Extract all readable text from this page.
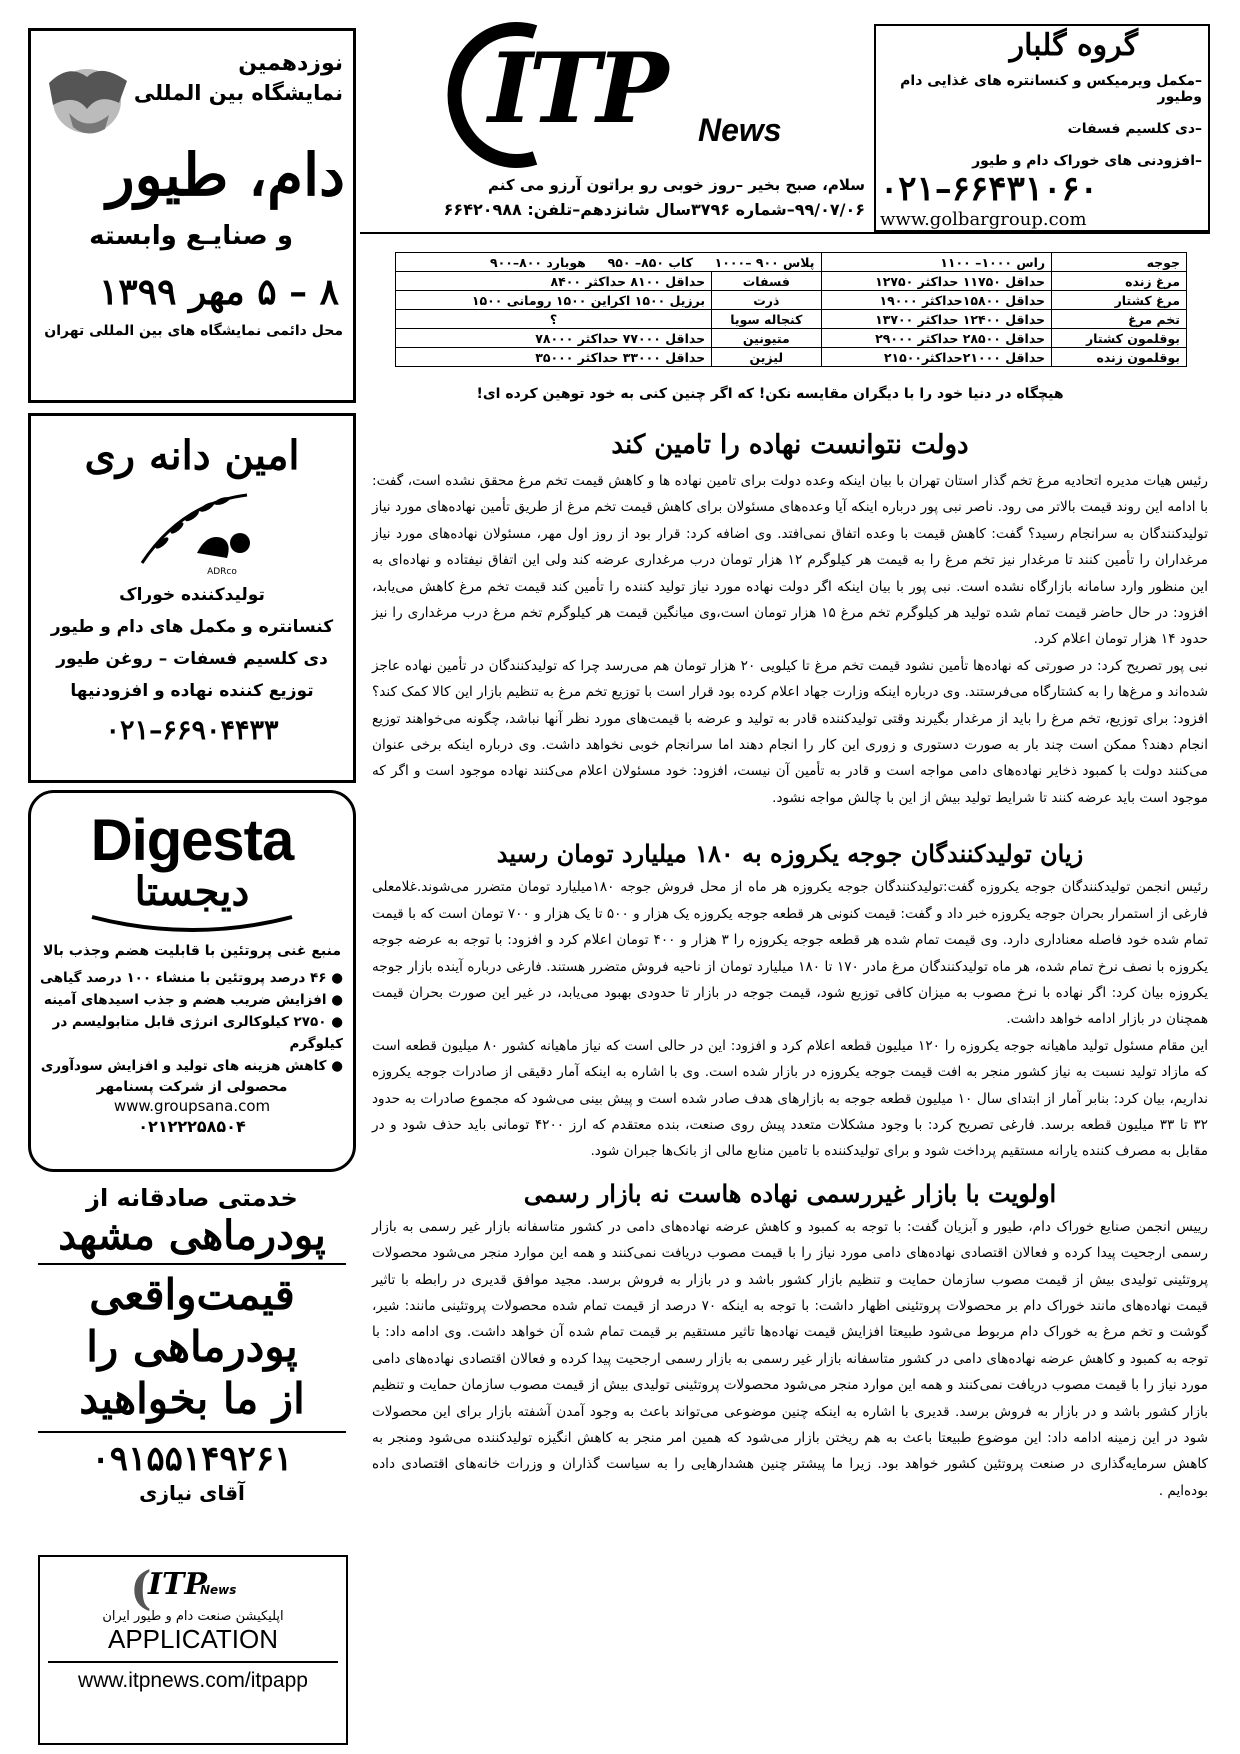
نوزدهمین
نمایشگاه بین المللی
دام، طیور
و صنایـع وابسته
۸ – ۵ مهر ۱۳۹۹
محل دائمی نمایشگاه های بین المللی تهران
امین دانه ری
ADRco
تولیدکننده خوراک
کنسانتره و مکمل های دام و طیور
دی کلسیم فسفات – روغن طیور
توزیع کننده نهاده و افزودنیها
۰۲۱–۶۶۹۰۴۴۳۳
Digesta
دیجستا
منبع غنی پروتئین با قابلیت هضم وجذب بالا
● ۴۶ درصد پروتئین با منشاء ۱۰۰ درصد گیاهی
● افزایش ضریب هضم و جذب اسیدهای آمینه
● ۲۷۵۰ کیلوکالری انرژی قابل متابولیسم در کیلوگرم
● کاهش هزینه های تولید و افزایش سودآوری
محصولی از شرکت پسنامهر
www.groupsana.com
۰۲۱۲۲۲۵۸۵۰۴
خدمتی صادقانه از
پودرماهی مشهد
قیمت‌واقعی
پودرماهی را
از ما بخواهید
۰۹۱۵۵۱۴۹۲۶۱
آقای نیازی
(
ITP
News
اپلیکیشن صنعت دام و طیور ایران
APPLICATION
www.itpnews.com/itpapp
گروه گلبار
–مکمل ویرمیکس و کنسانتره های غذایی دام وطیور
–دی کلسیم فسفات
–افزودنی های خوراک دام و طیور
۰۲۱–۶۶۴۳۱۰۶۰
www.golbargroup.com
ITP News
سلام، صبح بخیر –روز خوبی رو براتون آرزو می کنم
۹۹/۰۷/۰۶–شماره ۳۷۹۶سال شانزدهم–تلفن: ۶۶۴۲۰۹۸۸
جوجه	راس ۱۰۰۰– ۱۱۰۰	پلاس ۹۰۰ –۱۰۰۰     کاب ۸۵۰– ۹۵۰     هوبارد ۸۰۰–۹۰۰	
مرغ زنده	حداقل ۱۱۷۵۰ حداکثر ۱۲۷۵۰	فسفات	حداقل ۸۱۰۰ حداکثر ۸۴۰۰
مرغ کشتار	حداقل ۱۵۸۰۰حداکثر ۱۹۰۰۰	ذرت	برزیل ۱۵۰۰ اکراین ۱۵۰۰ رومانی ۱۵۰۰
تخم مرغ	حداقل ۱۲۴۰۰ حداکثر ۱۳۷۰۰	کنجاله سویا	؟
بوقلمون کشتار	حداقل ۲۸۵۰۰ حداکثر ۲۹۰۰۰	متیونین	حداقل ۷۷۰۰۰ حداکثر ۷۸۰۰۰
بوقلمون زنده	حداقل ۲۱۰۰۰حداکثر۲۱۵۰۰	لیزین	حداقل ۳۳۰۰۰ حداکثر ۳۵۰۰۰
هیچگاه در دنیا خود را با دیگران مقایسه نکن! که اگر چنین کنی به خود توهین کرده ای!
دولت نتوانست نهاده را تامین کند

رئیس هیات مدیره اتحادیه مرغ تخم گذار استان تهران با بیان اینکه وعده دولت برای تامین نهاده ها و کاهش قیمت تخم مرغ محقق نشده است، گفت: با ادامه این روند قیمت بالاتر می رود. ناصر نبی پور درباره اینکه آیا وعده‌های مسئولان برای کاهش قیمت تخم مرغ از طریق تأمین نهاده‌های مورد نیاز تولیدکنندگان به سرانجام رسید؟ گفت: کاهش قیمت با وعده اتفاق نمی‌افتد. وی اضافه کرد: قرار بود از روز اول مهر، مسئولان نهاده‌های مورد نیاز مرغداران را تأمین کنند تا مرغدار نیز تخم مرغ را به قیمت هر کیلوگرم ۱۲ هزار تومان درب مرغداری عرضه کند ولی این اتفاق نیفتاده و نهاده‌ای به این منظور وارد سامانه بازارگاه نشده است. نبی پور با بیان اینکه اگر دولت نهاده مورد نیاز تولید کننده را تأمین کند قیمت تخم مرغ کاهش می‌یابد، افزود: در حال حاضر قیمت تمام شده تولید هر کیلوگرم تخم مرغ ۱۵ هزار تومان است،وی میانگین قیمت هر کیلوگرم تخم مرغ درب مرغداری را نیز حدود ۱۴ هزار تومان اعلام کرد.

نبی پور تصریح کرد: در صورتی که نهاده‌ها تأمین نشود قیمت تخم مرغ تا کیلویی ۲۰ هزار تومان هم می‌رسد چرا که تولیدکنندگان در تأمین نهاده عاجز شده‌اند و مرغ‌ها را به کشتارگاه می‌فرستند. وی درباره اینکه وزارت جهاد اعلام کرده بود قرار است با توزیع تخم مرغ به تنظیم بازار این کالا کمک کند؟ افزود: برای توزیع، تخم مرغ را باید از مرغدار بگیرند وقتی تولیدکننده قادر به تولید و عرضه با قیمت‌های مورد نظر آنها نباشد، چگونه می‌خواهند توزیع انجام دهند؟ ممکن است چند بار به صورت دستوری و زوری این کار را انجام دهند اما سرانجام خوبی نخواهد داشت. وی درباره اینکه برخی عنوان می‌کنند دولت با کمبود ذخایر نهاده‌های دامی مواجه است و قادر به تأمین آن نیست، افزود: خود مسئولان اعلام می‌کنند نهاده موجود است و اگر که موجود است باید عرضه کنند تا شرایط تولید بیش از این با چالش مواجه نشود.

زیان تولیدکنندگان جوجه یکروزه به ۱۸۰ میلیارد تومان رسید

رئیس انجمن تولیدکنندگان جوجه یکروزه گفت:تولیدکنندگان جوجه یکروزه هر ماه از محل فروش جوجه ۱۸۰میلیارد تومان متضرر می‌شوند.غلامعلی فارغی از استمرار بحران جوجه یکروزه خبر داد و گفت: قیمت کنونی هر قطعه جوجه یکروزه یک هزار و ۵۰۰ تا یک هزار و ۷۰۰ تومان است که با قیمت تمام شده خود فاصله معناداری دارد. وی قیمت تمام شده هر قطعه جوجه یکروزه را ۳ هزار و ۴۰۰ تومان اعلام کرد و افزود: با توجه به عرضه جوجه یکروزه با نصف نرخ تمام شده، هر ماه تولیدکنندگان مرغ مادر ۱۷۰ تا ۱۸۰ میلیارد تومان از ناحیه فروش متضرر هستند. فارغی درباره آینده بازار جوجه یکروزه بیان کرد: اگر نهاده با نرخ مصوب به میزان کافی توزیع شود، قیمت جوجه در بازار تا حدودی بهبود می‌یابد، در غیر این صورت بحران قیمت همچنان در بازار ادامه خواهد داشت.

این مقام مسئول تولید ماهیانه جوجه یکروزه را ۱۲۰ میلیون قطعه اعلام کرد و افزود: این در حالی است که نیاز ماهیانه کشور ۸۰ میلیون قطعه است که مازاد تولید نسبت به نیاز کشور منجر به افت قیمت جوجه یکروزه در بازار شده است. وی با اشاره به اینکه آمار دقیقی از صادرات جوجه یکروزه نداریم، بیان کرد: بنابر آمار از ابتدای سال ۱۰ میلیون قطعه جوجه به بازارهای هدف صادر شده است و پیش بینی می‌شود که مجموع صادرات به حدود ۳۲ تا ۳۳ میلیون قطعه برسد. فارغی تصریح کرد: با وجود مشکلات متعدد پیش روی صنعت، بنده معتقدم که ارز ۴۲۰۰ تومانی باید حذف شود و در مقابل به مصرف کننده یارانه مستقیم پرداخت شود و برای تولیدکننده با تامین منابع مالی از بانک‌ها جبران شود.

اولویت با بازار غیررسمی نهاده هاست نه بازار رسمی

رییس انجمن صنایع خوراک دام، طیور و آبزیان گفت: با توجه به کمبود و کاهش عرضه نهاده‌های دامی در کشور متاسفانه بازار غیر رسمی به بازار رسمی ارجحیت پیدا کرده و فعالان اقتصادی نهاده‌های دامی مورد نیاز را با قیمت مصوب دریافت نمی‌کنند و همه این موارد منجر می‌شود محصولات پروتئینی تولیدی بیش از قیمت مصوب سازمان حمایت و تنظیم بازار کشور باشد و در بازار به فروش برسد. مجید موافق قدیری در رابطه با تاثیر قیمت نهاده‌های مانند خوراک دام بر محصولات پروتئینی اظهار داشت: با توجه به اینکه ۷۰ درصد از قیمت تمام شده محصولات پروتئینی مانند: شیر، گوشت و تخم مرغ به خوراک دام مربوط می‌شود طبیعتا افزایش قیمت نهاده‌ها تاثیر مستقیم بر قیمت تمام شده آن خواهد داشت. وی ادامه داد: با توجه به کمبود و کاهش عرضه نهاده‌های دامی در کشور متاسفانه بازار غیر رسمی به بازار رسمی ارجحیت پیدا کرده و فعالان اقتصادی نهاده‌های دامی مورد نیاز را با قیمت مصوب دریافت نمی‌کنند و همه این موارد منجر می‌شود محصولات پروتئینی تولیدی بیش از قیمت مصوب سازمان حمایت و تنظیم بازار کشور باشد و در بازار به فروش برسد. قدیری با اشاره به اینکه چنین موضوعی می‌تواند باعث به وجود آمدن آشفته بازار برای این محصولات شود در این زمینه ادامه داد: این موضوع طبیعتا باعث به هم ریختن بازار می‌شود که همین امر منجر به کاهش انگیزه تولیدکننده می‌شود ومنجر به کاهش سرمایه‌گذاری در صنعت پروتئین کشور خواهد بود. زیرا ما پیشتر چنین هشدارهایی را به سیاست گذاران و وزرات خانه‌های اقتصادی داده بوده‌ایم .
